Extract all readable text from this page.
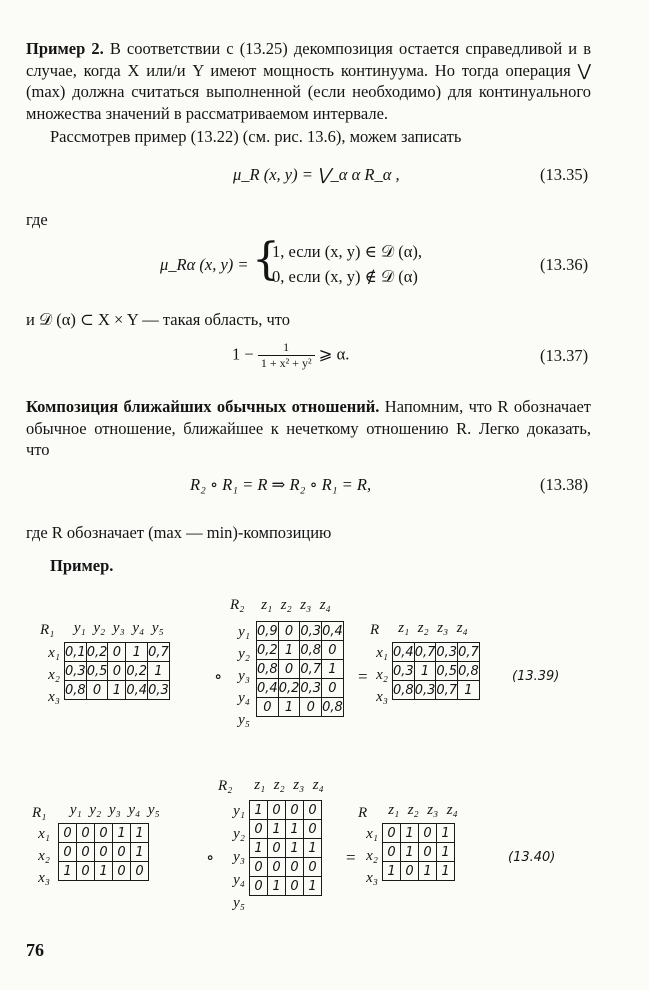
Пример 2. В соответствии с (13.25) декомпозиция остается справедливой и в случае, когда X или/и Y имеют мощность континуума. Но тогда операция ⋁ (max) должна считаться выполненной (если необходимо) для континуального множества значений в рассматриваемом интервале.
Рассмотрев пример (13.22) (см. рис. 13.6), можем записать
μ_R (x, y) = ⋁_α α R_α ,	(13.35)
где
μ_Rα (x, y) = {
1, если (x, y) ∈ 𝒟 (α),
0, если (x, y) ∉ 𝒟 (α)
(13.36)
и 𝒟 (α) ⊂ X × Y — такая область, что
$1 - \frac{1}{\text{1 + x² + y²}}$ ⩾ α.	(13.37)
Композиция ближайших обычных отношений. Напомним, что R обозначает обычное отношение, ближайшее к нечеткому отношению R. Легко доказать, что
R₂ ∘ R₁ = R ⇒ R₂ ∘ R₁ = R,	(13.38)
где R обозначает (max — min)-композицию
Пример.
R₁ y₁ y₂ y₃ y₄ y₅
x₁
x₂
x₃
0,1	0,2	0	1	0,7
0,3	0,5	0	0,2	1
0,8	0	1	0,4	0,3
∘
R₂ z₁ z₂ z₃ z₄
y₁
y₂
y₃
y₄
y₅
0,9	0	0,3	0,4
0,2	1	0,8	0
0,8	0	0,7	1
0,4	0,2	0,3	0
0	1	0	0,8
=
R z₁ z₂ z₃ z₄
x₁
x₂
x₃
0,4	0,7	0,3	0,7
0,3	1	0,5	0,8
0,8	0,3	0,7	1
(13.39)
R₁ y₁ y₂ y₃ y₄ y₅
x₁
x₂
x₃
0	0	0	1	1
0	0	0	0	1
1	0	1	0	0
∘
R₂ z₁ z₂ z₃ z₄
y₁
y₂
y₃
y₄
y₅
1	0	0	0
0	1	1	0
1	0	1	1
0	0	0	0
0	1	0	1
=
R z₁ z₂ z₃ z₄
x₁
x₂
x₃
0	1	0	1
0	1	0	1
1	0	1	1
(13.40)
76
